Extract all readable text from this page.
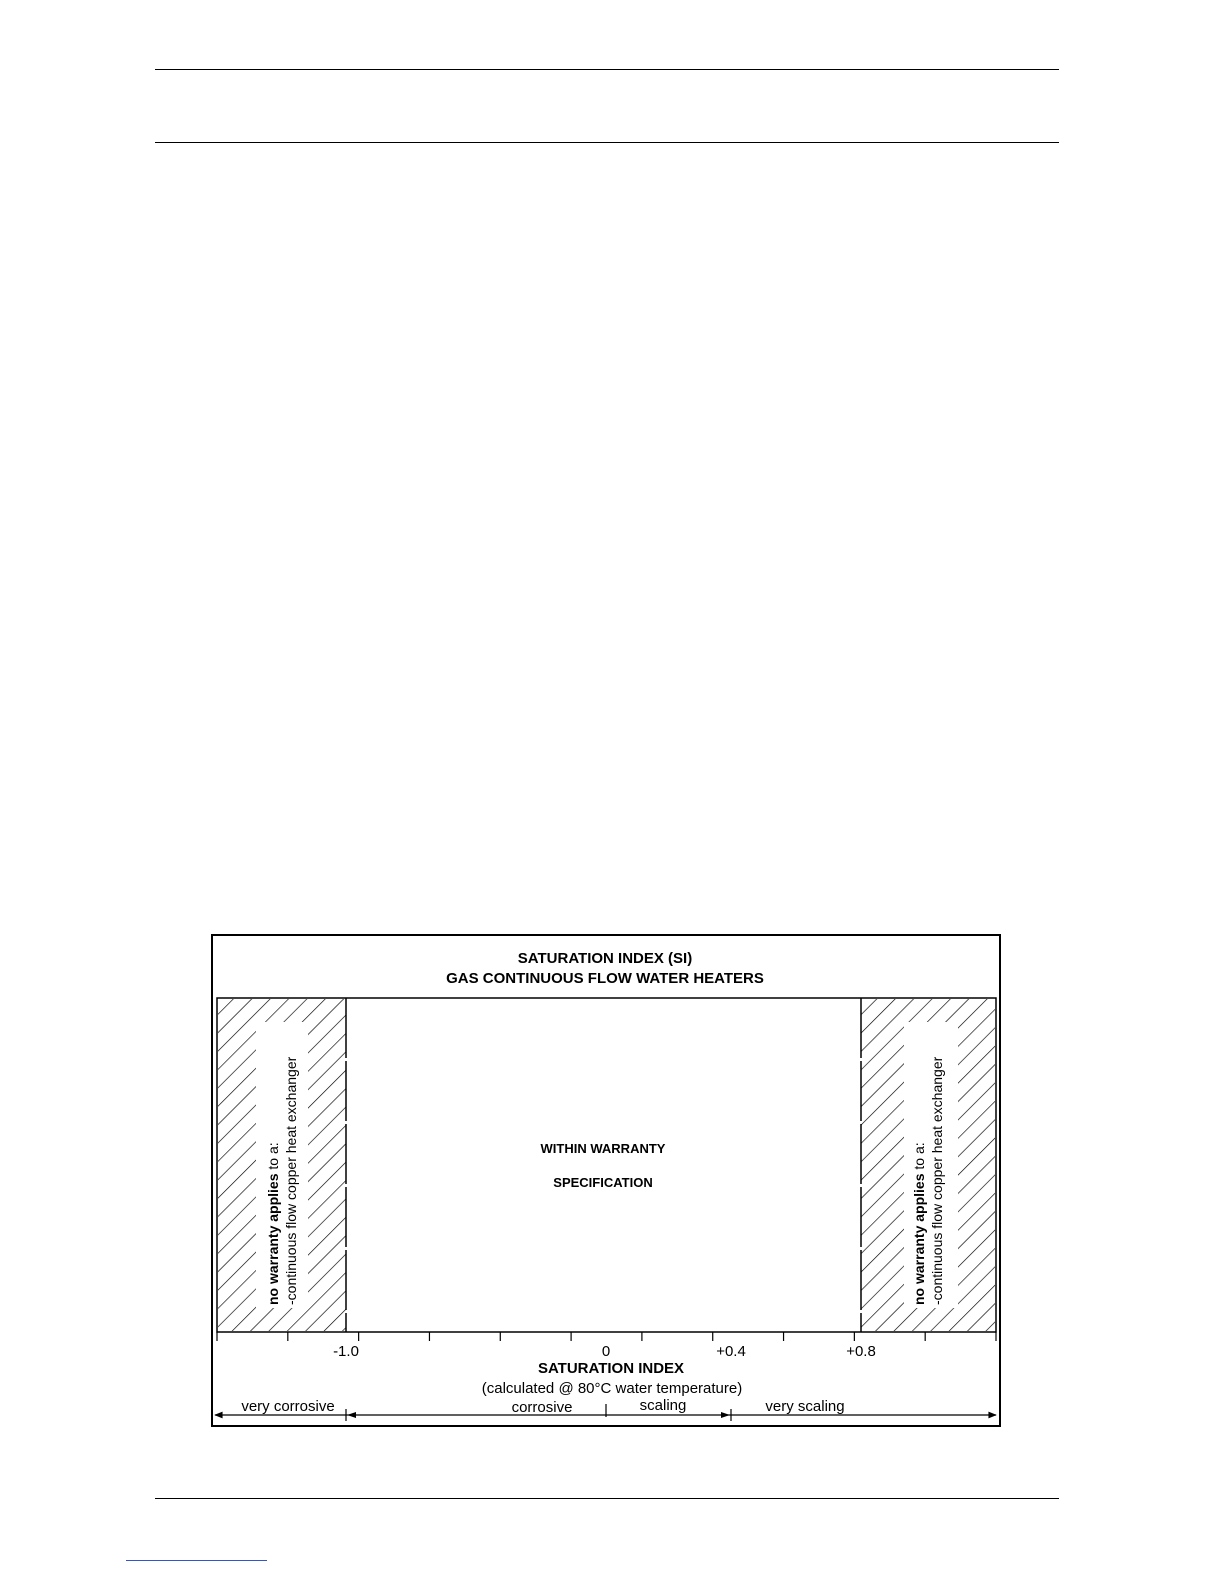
SATURATION INDEX (SI)
GAS CONTINUOUS FLOW WATER HEATERS
no warranty applies to a: -continuous flow copper heat exchanger	no warranty applies to a: -continuous flow copper heat exchanger
WITHIN WARRANTY
SPECIFICATION
-1.0	0	+0.4	+0.8
SATURATION INDEX
(calculated @ 80°C water temperature)
very corrosive	corrosive	scaling	very scaling
